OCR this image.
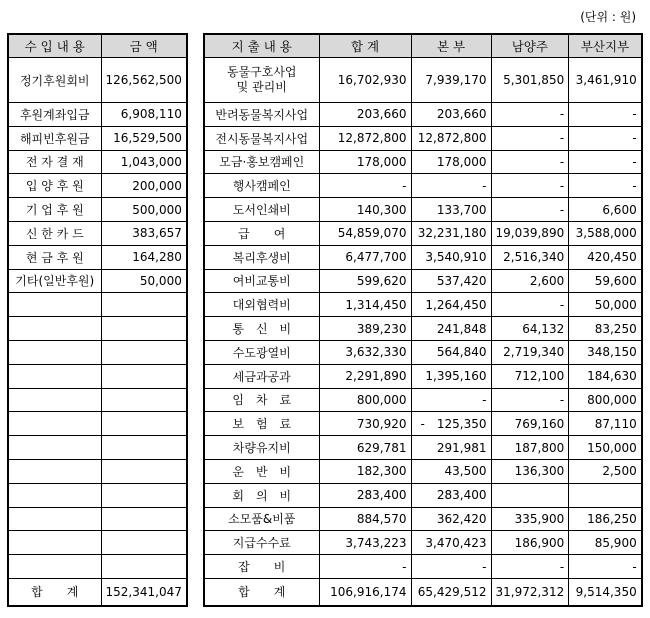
(단위 : 원)
수 입 내 용	금 액
정기후원회비	126,562,500
후원계좌입금	6,908,110
해피빈후원금	16,529,500
전 자 결 재	1,043,000
입 양 후 원	200,000
기 업 후 원	500,000
신 한 카 드	383,657
현 금 후 원	164,280
기타(일반후원)	50,000

합　　계	152,341,047
지 출 내 용	합 계	본 부	남양주	부산지부
동물구호사업
및 관리비	16,702,930	7,939,170	5,301,850	3,461,910
반려동물복지사업	203,660	203,660	-	-
전시동물복지사업	12,872,800	12,872,800	-	-
모금·홍보캠페인	178,000	178,000	-	-
행사캠페인	-	-	-	-
도서인쇄비	140,300	133,700	-	6,600
급　　여	54,859,070	32,231,180	19,039,890	3,588,000
복리후생비	6,477,700	3,540,910	2,516,340	420,450
여비교통비	599,620	537,420	2,600	59,600
대외협력비	1,314,450	1,264,450	-	50,000
통　신　비	389,230	241,848	64,132	83,250
수도광열비	3,632,330	564,840	2,719,340	348,150
세금과공과	2,291,890	1,395,160	712,100	184,630
임　차　료	800,000	-	-	800,000
보　험　료	730,920	-　125,350	769,160	87,110
차량유지비	629,781	291,981	187,800	150,000
운　반　비	182,300	43,500	136,300	2,500
회　의　비	283,400	283,400		
소모품&비품	884,570	362,420	335,900	186,250
지급수수료	3,743,223	3,470,423	186,900	85,900
잡　　비	-	-	-	-
합　　계	106,916,174	65,429,512	31,972,312	9,514,350
